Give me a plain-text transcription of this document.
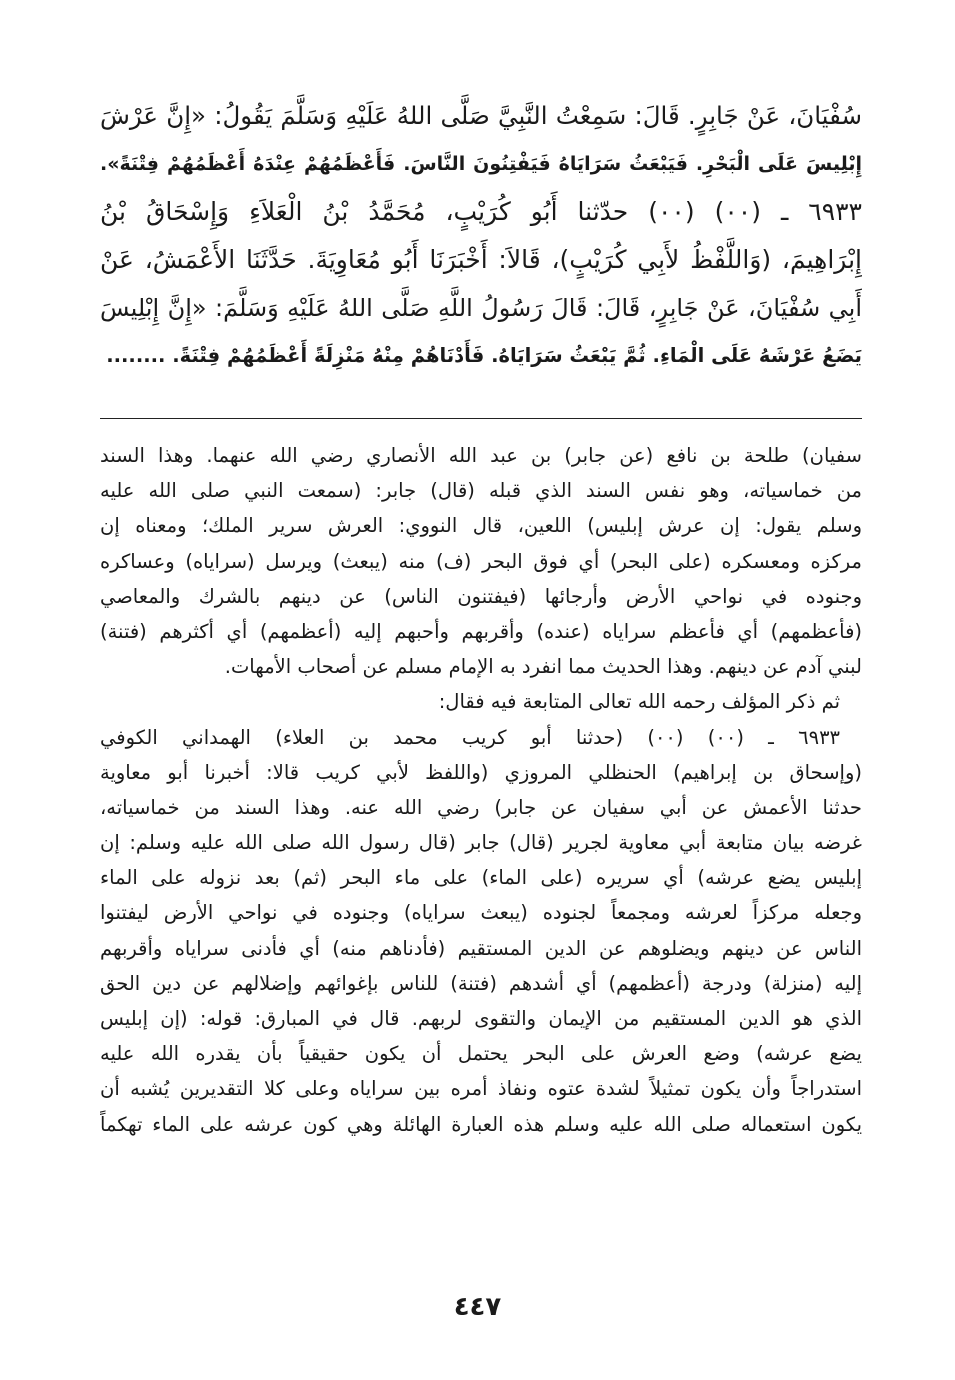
سُفْيَانَ، عَنْ جَابِرٍ. قَالَ: سَمِعْتُ النَّبِيَّ صَلَّى اللهُ عَلَيْهِ وَسَلَّمَ يَقُولُ: «إِنَّ عَرْشَ
إِبْلِيسَ عَلَى الْبَحْرِ. فَيَبْعَثُ سَرَايَاهُ فَيَفْتِنُونَ النَّاسَ. فَأَعْظَمُهُمْ عِنْدَهُ أَعْظَمُهُمْ فِتْنَةً».
٦٩٣٣ ـ (٠٠) (٠٠) حدّثنا أَبُو كُرَيْبٍ، مُحَمَّدُ بْنُ الْعَلاَءِ وَإِسْحَاقُ بْنُ
إِبْرَاهِيمَ، (وَاللَّفْظُ لأَبِي كُرَيْبٍ)، قَالاَ: أَخْبَرَنَا أَبُو مُعَاوِيَةَ. حَدَّثَنَا الأَعْمَشُ، عَنْ
أَبِي سُفْيَانَ، عَنْ جَابِرٍ، قَالَ: قَالَ رَسُولُ اللَّهِ صَلَّى اللهُ عَلَيْهِ وَسَلَّمَ: «إِنَّ إِبْلِيسَ
يَضَعُ عَرْشَهُ عَلَى الْمَاءِ. ثُمَّ يَبْعَثُ سَرَايَاهُ. فَأَدْنَاهُمْ مِنْهُ مَنْزِلَةً أَعْظَمُهُمْ فِتْنَةً. ........
سفيان) طلحة بن نافع (عن جابر) بن عبد الله الأنصاري رضي الله عنهما. وهذا السند
من خماسياته، وهو نفس السند الذي قبله (قال) جابر: (سمعت النبي صلى الله عليه
وسلم يقول: إن عرش إبليس) اللعين، قال النووي: العرش سرير الملك؛ ومعناه إن
مركزه ومعسكره (على البحر) أي فوق البحر (ف) منه (يبعث) ويرسل (سراياه) وعساكره
وجنوده في نواحي الأرض وأرجائها (فيفتنون الناس) عن دينهم بالشرك والمعاصي
(فأعظمهم) أي فأعظم سراياه (عنده) وأقربهم وأحبهم إليه (أعظمهم) أي أكثرهم (فتنة)
لبني آدم عن دينهم. وهذا الحديث مما انفرد به الإمام مسلم عن أصحاب الأمهات.
ثم ذكر المؤلف رحمه الله تعالى المتابعة فيه فقال:
٦٩٣٣ ـ (٠٠) (٠٠) (حدثنا أبو كريب محمد بن العلاء) الهمداني الكوفي
(وإسحاق بن إبراهيم) الحنظلي المروزي (واللفظ لأبي كريب قالا: أخبرنا أبو معاوية
حدثنا الأعمش عن أبي سفيان عن جابر) رضي الله عنه. وهذا السند من خماسياته،
غرضه بيان متابعة أبي معاوية لجرير (قال) جابر (قال رسول الله صلى الله عليه وسلم: إن
إبليس يضع عرشه) أي سريره (على الماء) على ماء البحر (ثم) بعد نزوله على الماء
وجعله مركزاً لعرشه ومجمعاً لجنوده (يبعث سراياه) وجنوده في نواحي الأرض ليفتنوا
الناس عن دينهم ويضلوهم عن الدين المستقيم (فأدناهم منه) أي فأدنى سراياه وأقربهم
إليه (منزلة) ودرجة (أعظمهم) أي أشدهم (فتنة) للناس بإغوائهم وإضلالهم عن دين الحق
الذي هو الدين المستقيم من الإيمان والتقوى لربهم. قال في المبارق: قوله: (إن إبليس
يضع عرشه) وضع العرش على البحر يحتمل أن يكون حقيقياً بأن يقدره الله عليه
استدراجاً وأن يكون تمثيلاً لشدة عتوه ونفاذ أمره بين سراياه وعلى كلا التقديرين يُشبه أن
يكون استعماله صلى الله عليه وسلم هذه العبارة الهائلة وهي كون عرشه على الماء تهكماً
٤٤٧
